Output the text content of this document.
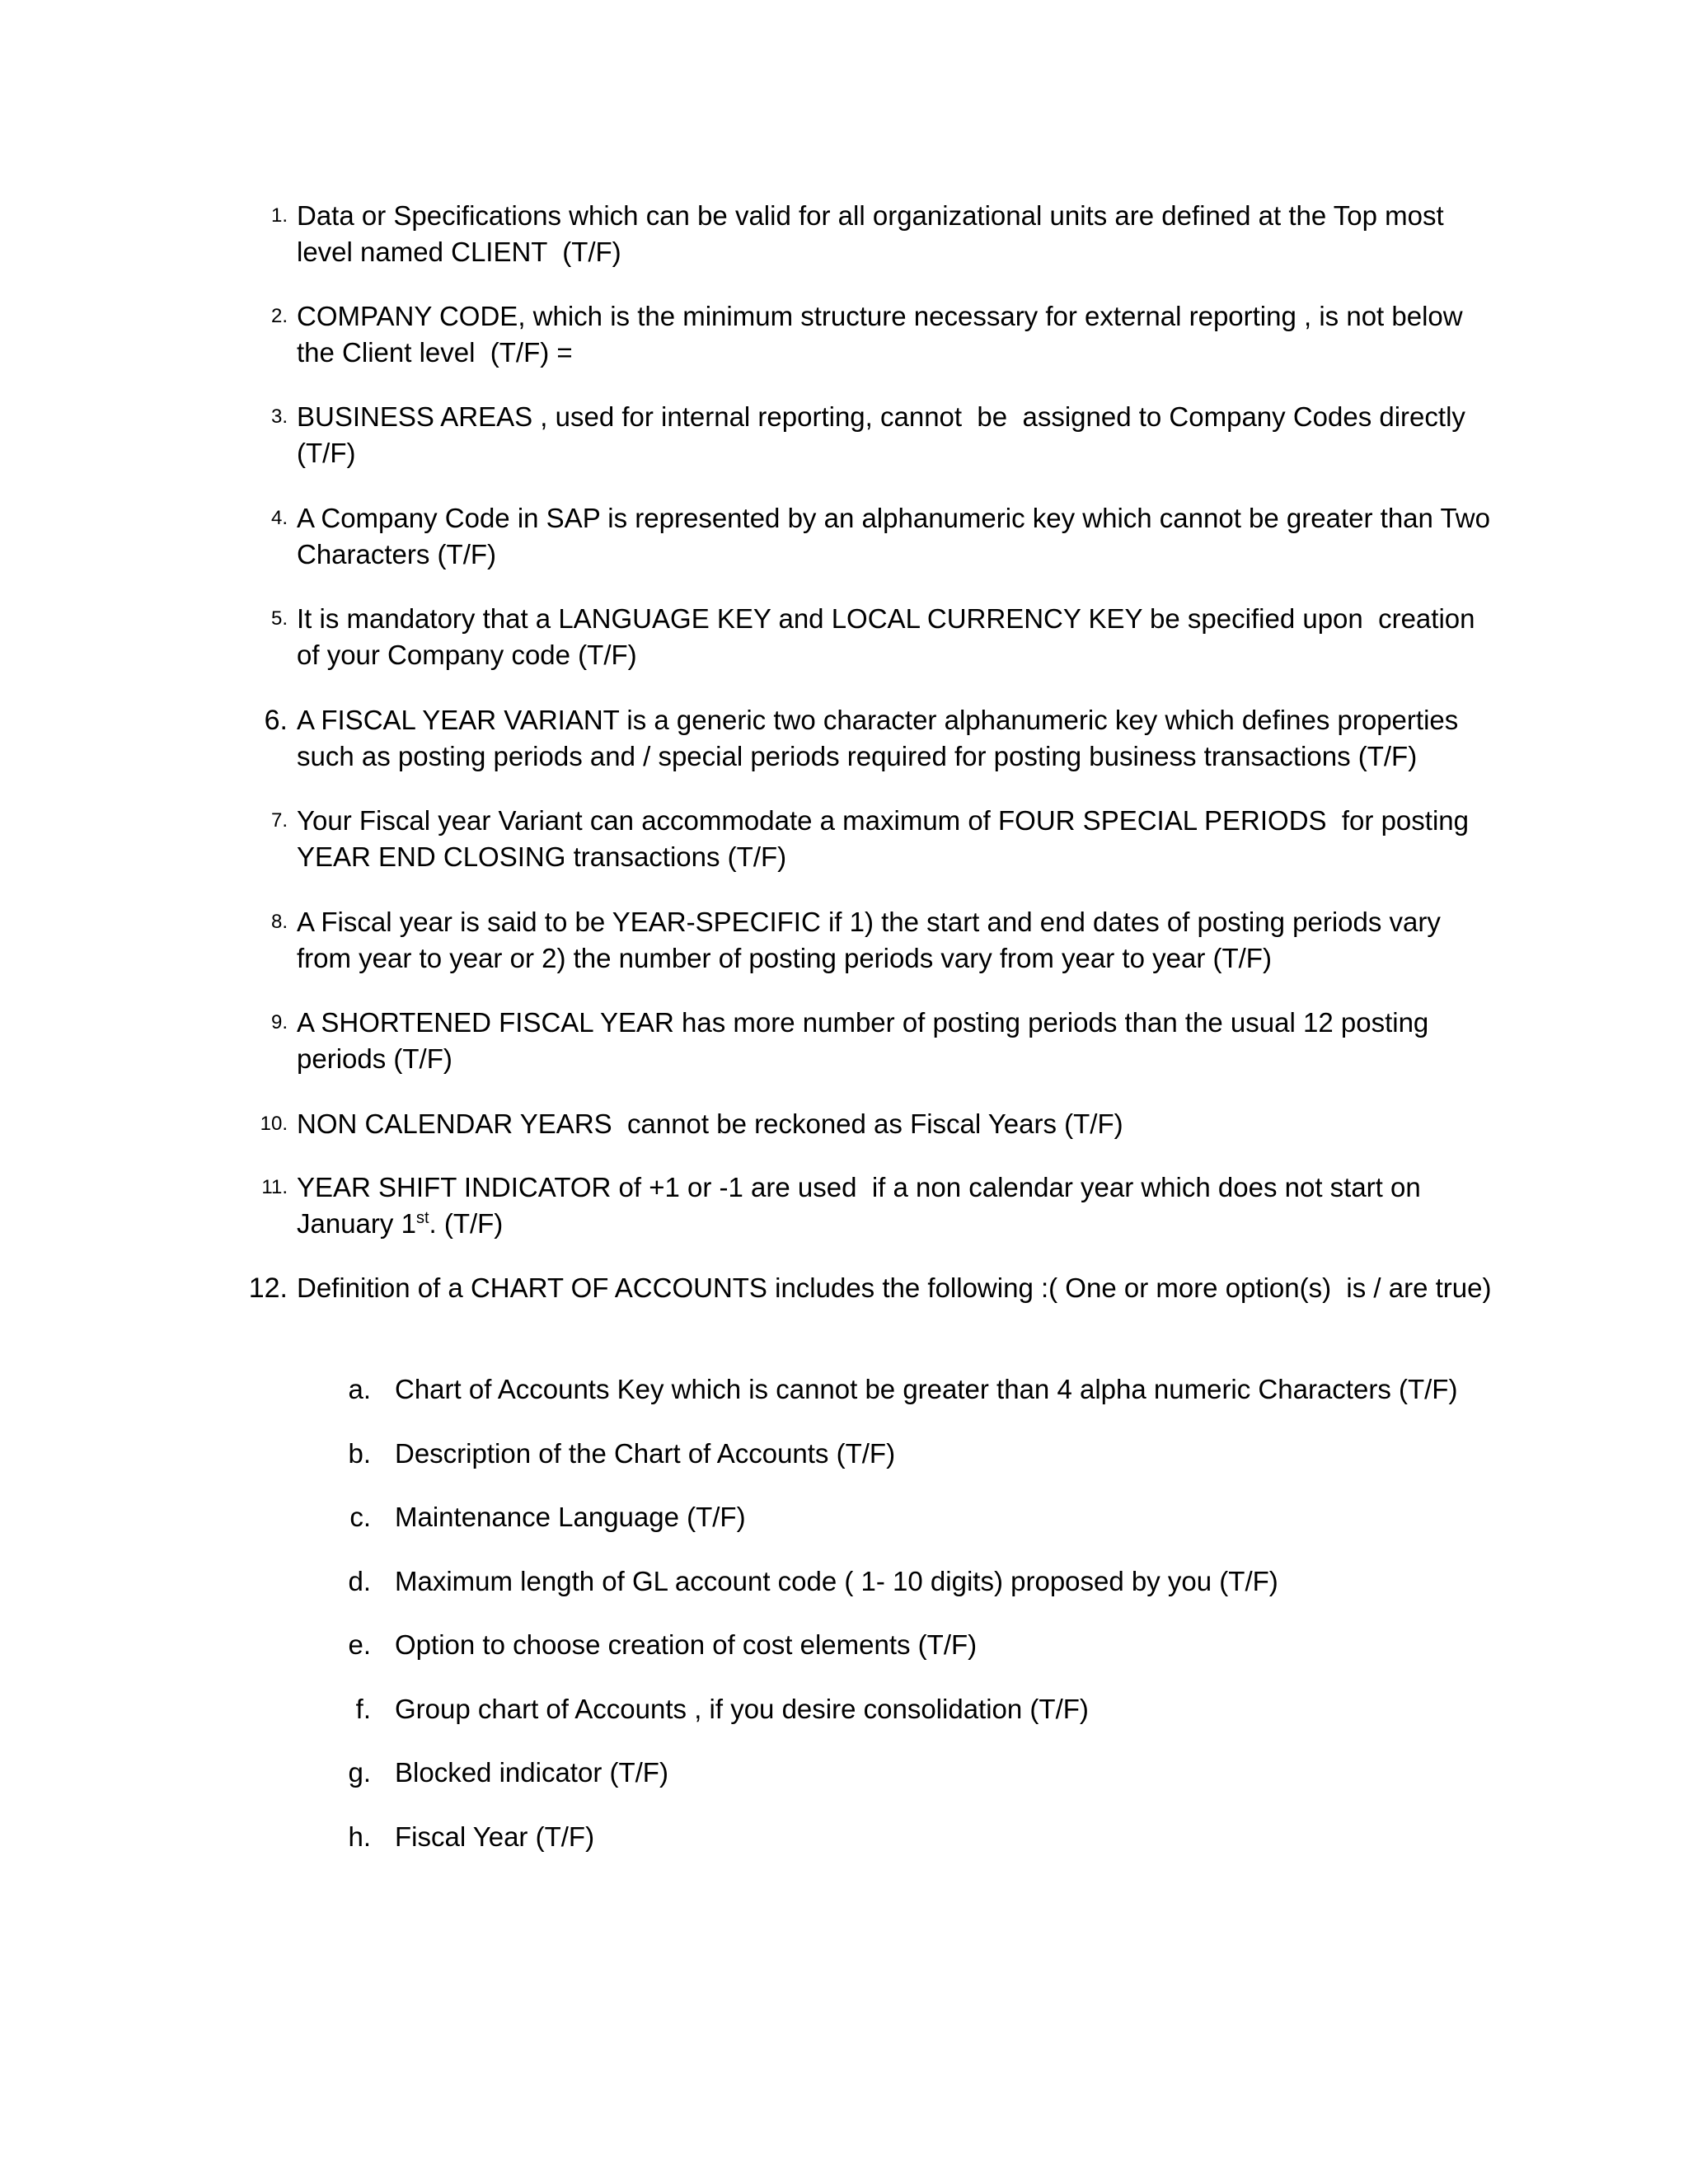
1. Data or Specifications which can be valid for all organizational units are defined at the Top most level named CLIENT  (T/F)
2. COMPANY CODE, which is the minimum structure necessary for external reporting , is not below the Client level  (T/F) =
3. BUSINESS AREAS , used for internal reporting, cannot  be  assigned to Company Codes directly (T/F)
4. A Company Code in SAP is represented by an alphanumeric key which cannot be greater than Two Characters (T/F)
5. It is mandatory that a LANGUAGE KEY and LOCAL CURRENCY KEY be specified upon  creation of your Company code (T/F)
6. A FISCAL YEAR VARIANT is a generic two character alphanumeric key which defines properties such as posting periods and / special periods required for posting business transactions (T/F)
7. Your Fiscal year Variant can accommodate a maximum of FOUR SPECIAL PERIODS  for posting YEAR END CLOSING transactions (T/F)
8. A Fiscal year is said to be YEAR-SPECIFIC if 1) the start and end dates of posting periods vary from year to year or 2) the number of posting periods vary from year to year (T/F)
9. A SHORTENED FISCAL YEAR has more number of posting periods than the usual 12 posting periods (T/F)
10. NON CALENDAR YEARS  cannot be reckoned as Fiscal Years (T/F)
11. YEAR SHIFT INDICATOR of +1 or -1 are used  if a non calendar year which does not start on January 1st. (T/F)
12. Definition of a CHART OF ACCOUNTS includes the following :( One or more option(s)  is / are true)
a. Chart of Accounts Key which is cannot be greater than 4 alpha numeric Characters (T/F)
b. Description of the Chart of Accounts (T/F)
c. Maintenance Language (T/F)
d. Maximum length of GL account code ( 1- 10 digits) proposed by you (T/F)
e. Option to choose creation of cost elements (T/F)
f. Group chart of Accounts , if you desire consolidation (T/F)
g. Blocked indicator (T/F)
h. Fiscal Year (T/F)
